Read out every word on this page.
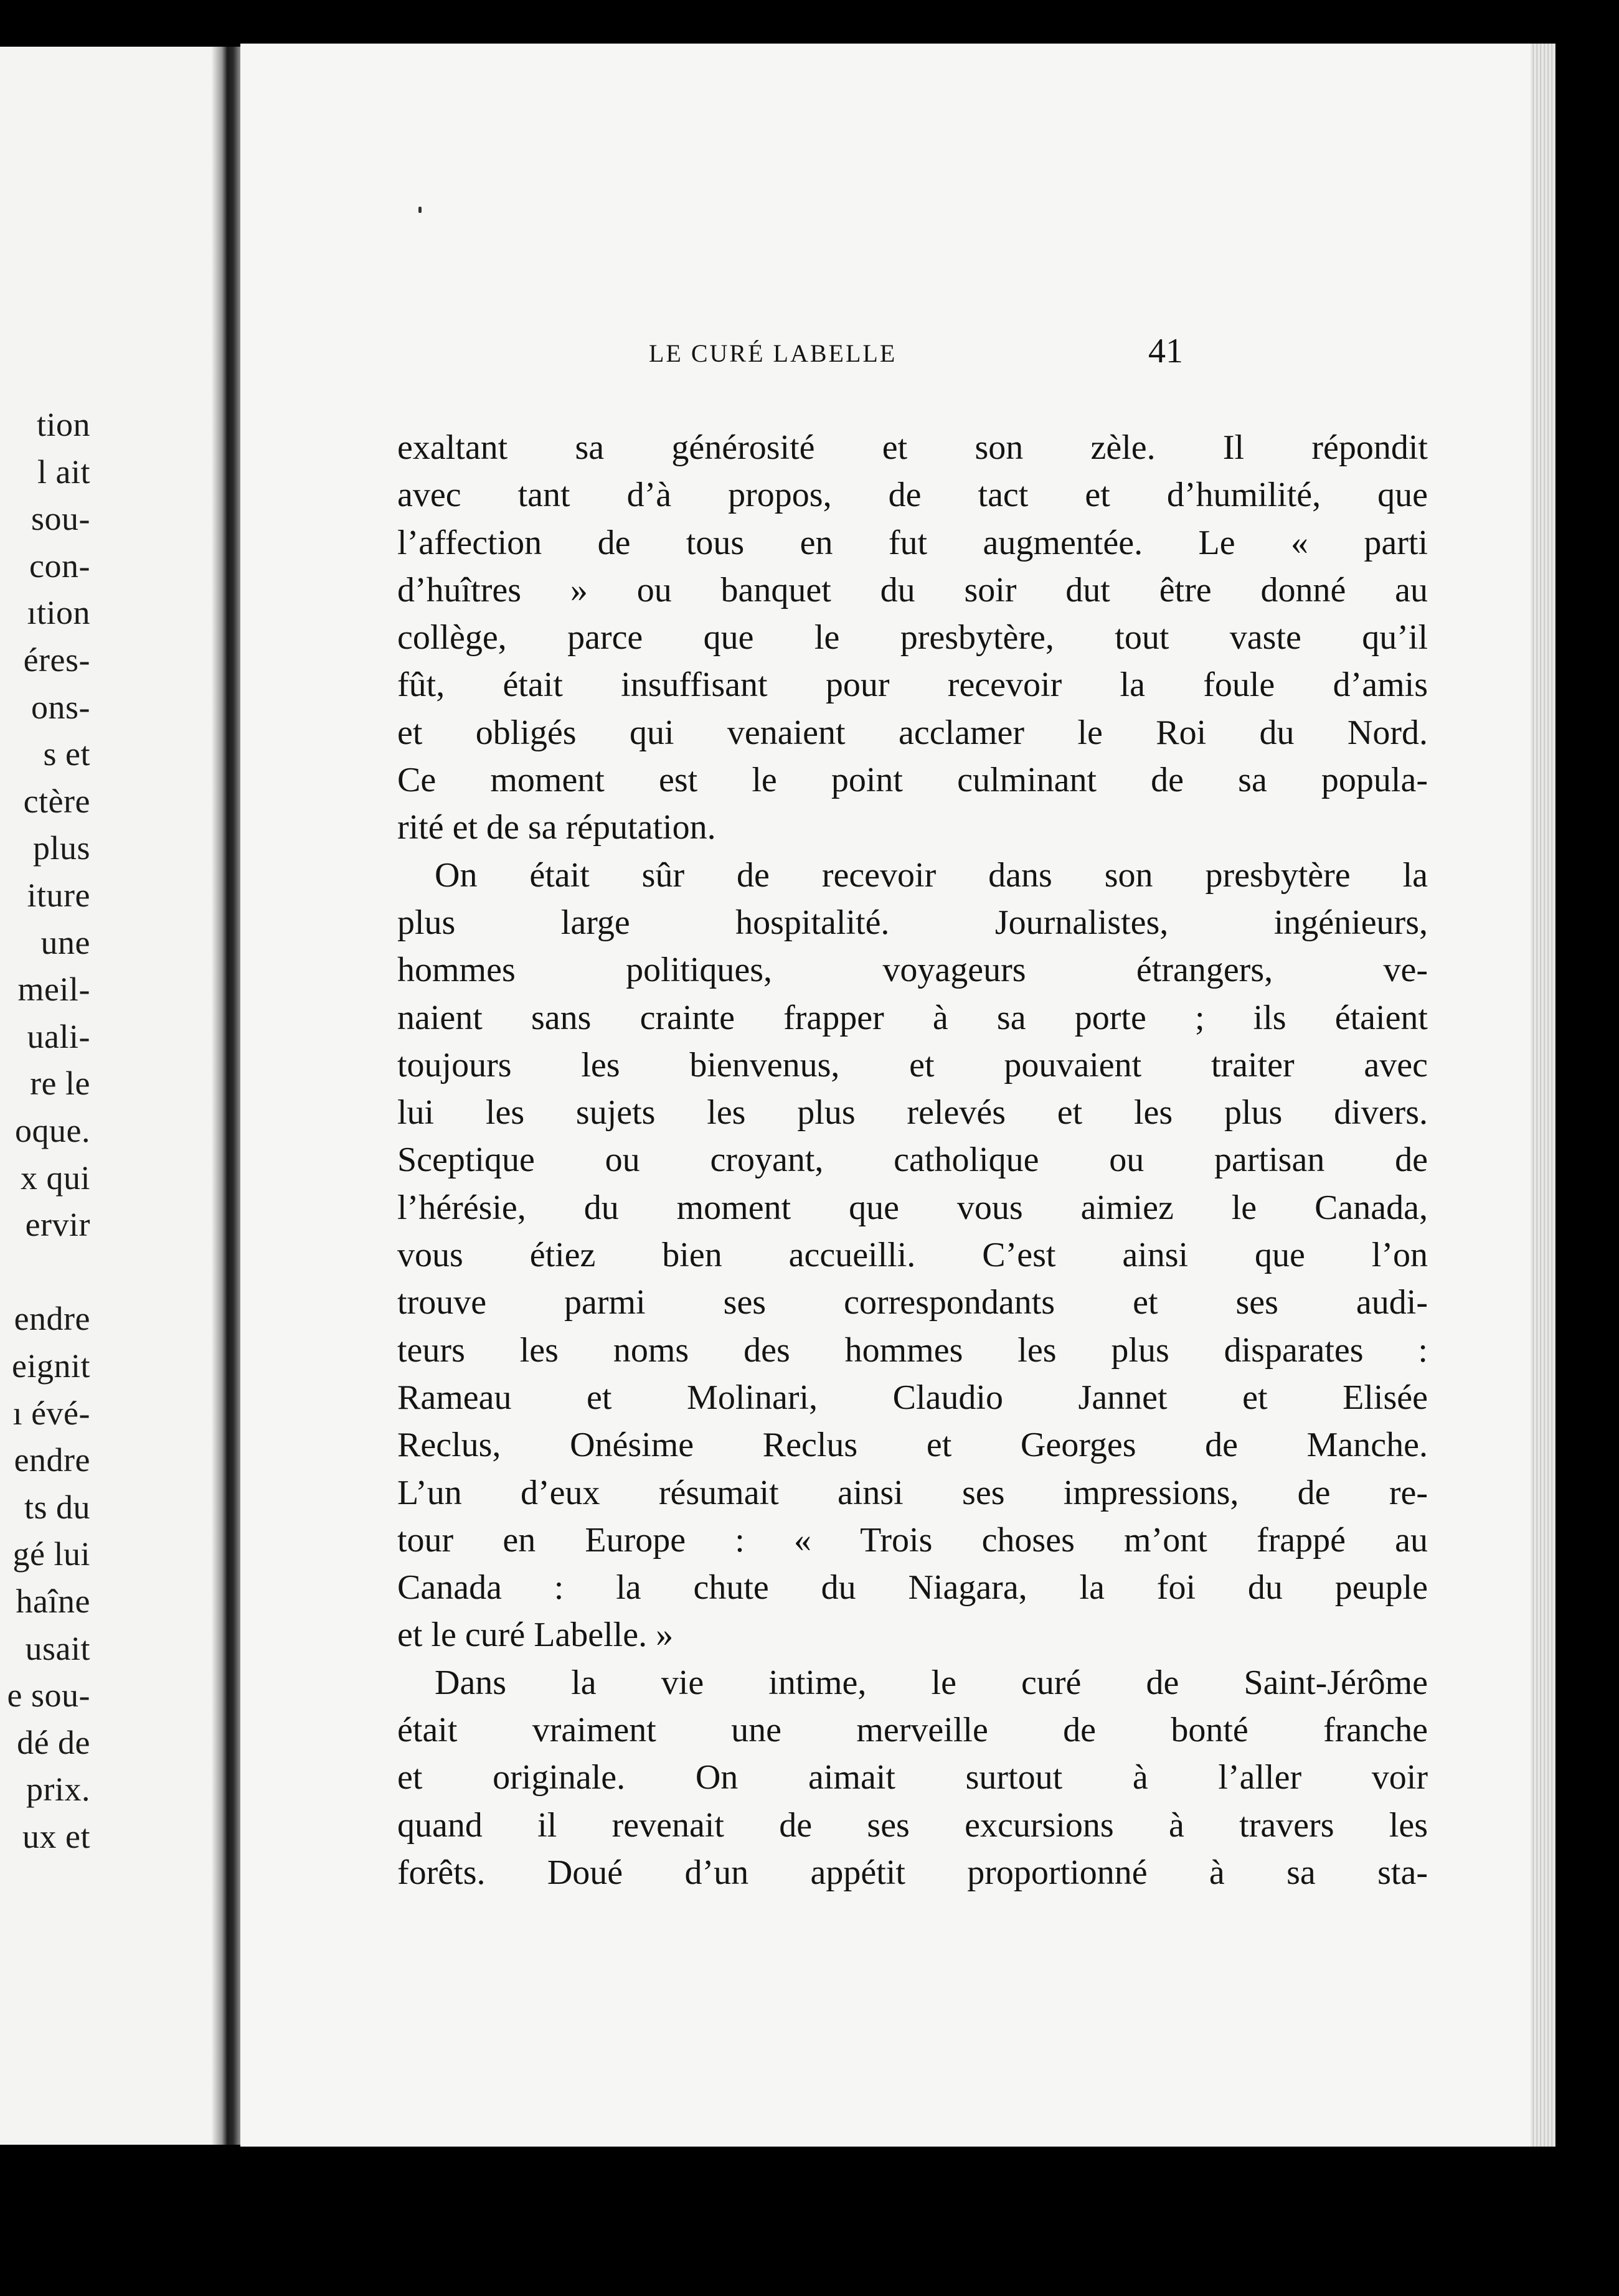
tion
l ait
sou-
con-
ıtion
éres-
ons-
s et
ctère
plus
iture
une
meil-
uali-
re le
oque.
x qui
ervir
endre
eignit
ı évé-
endre
ts du
gé lui
haîne
usait
e sou-
dé de
prix.
ux et
LE CURÉ LABELLE	41
exaltant sa générosité et son zèle. Il répondit
avec tant d’à propos, de tact et d’humilité, que
l’affection de tous en fut augmentée. Le « parti
d’huîtres » ou banquet du soir dut être donné au
collège, parce que le presbytère, tout vaste qu’il
fût, était insuffisant pour recevoir la foule d’amis
et obligés qui venaient acclamer le Roi du Nord.
Ce moment est le point culminant de sa popula-
rité et de sa réputation.
On était sûr de recevoir dans son presbytère la
plus large hospitalité. Journalistes, ingénieurs,
hommes politiques, voyageurs étrangers, ve-
naient sans crainte frapper à sa porte ; ils étaient
toujours les bienvenus, et pouvaient traiter avec
lui les sujets les plus relevés et les plus divers.
Sceptique ou croyant, catholique ou partisan de
l’hérésie, du moment que vous aimiez le Canada,
vous étiez bien accueilli. C’est ainsi que l’on
trouve parmi ses correspondants et ses audi-
teurs les noms des hommes les plus disparates :
Rameau et Molinari, Claudio Jannet et Elisée
Reclus, Onésime Reclus et Georges de Manche.
L’un d’eux résumait ainsi ses impressions, de re-
tour en Europe : « Trois choses m’ont frappé au
Canada : la chute du Niagara, la foi du peuple
et le curé Labelle. »
Dans la vie intime, le curé de Saint-Jérôme
était vraiment une merveille de bonté franche
et originale. On aimait surtout à l’aller voir
quand il revenait de ses excursions à travers les
forêts. Doué d’un appétit proportionné à sa sta-
